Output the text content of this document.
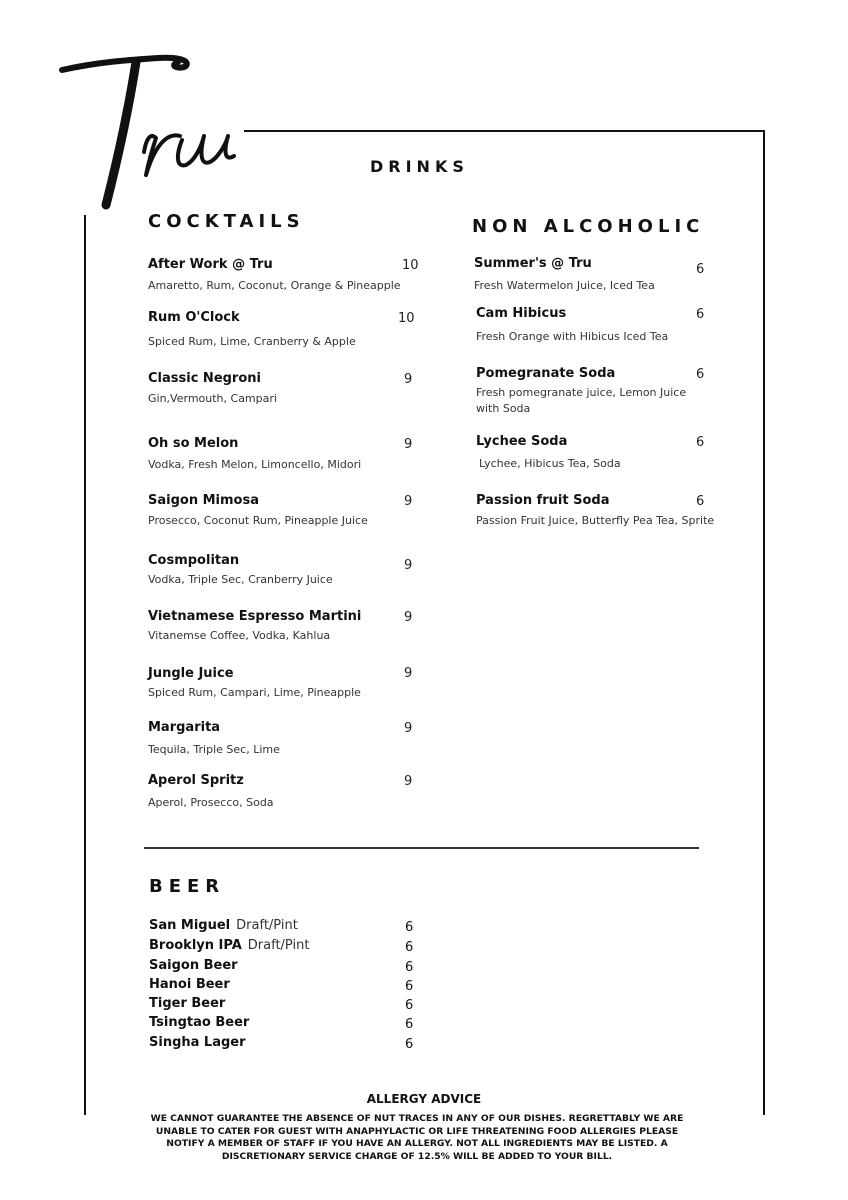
DRINKS
COCKTAILS	NON ALCOHOLIC
After Work @ Tru
Amaretto, Rum, Coconut, Orange & Pineapple
10
Rum O'Clock
Spiced Rum, Lime, Cranberry & Apple
10
Classic Negroni
Gin,Vermouth, Campari
9
Oh so Melon
Vodka, Fresh Melon, Limoncello, Midori
9
Saigon Mimosa
Prosecco, Coconut Rum, Pineapple Juice
9
Cosmpolitan
Vodka, Triple Sec, Cranberry Juice
9
Vietnamese Espresso Martini
Vitanemse Coffee, Vodka, Kahlua
9
Jungle Juice
Spiced Rum, Campari, Lime, Pineapple
9
Margarita
Tequila, Triple Sec, Lime
9
Aperol Spritz
Aperol, Prosecco, Soda
9
Summer's @ Tru
Fresh Watermelon Juice, Iced Tea
6
Cam Hibicus
Fresh Orange with Hibicus Iced Tea
6
Pomegranate Soda
Fresh pomegranate juice, Lemon Juice with Soda
6
Lychee Soda
Lychee, Hibicus Tea, Soda
6
Passion fruit Soda
Passion Fruit Juice, Butterfly Pea Tea, Sprite
6
BEER
San Miguel Draft/Pint	6
Brooklyn IPA Draft/Pint	6
Saigon Beer	6
Hanoi Beer	6
Tiger Beer	6
Tsingtao Beer	6
Singha Lager	6
ALLERGY ADVICE
WE CANNOT GUARANTEE THE ABSENCE OF NUT TRACES IN ANY OF OUR DISHES. REGRETTABLY WE ARE UNABLE TO CATER FOR GUEST WITH ANAPHYLACTIC OR LIFE THREATENING FOOD ALLERGIES PLEASE NOTIFY A MEMBER OF STAFF IF YOU HAVE AN ALLERGY. NOT ALL INGREDIENTS MAY BE LISTED. A DISCRETIONARY SERVICE CHARGE OF 12.5% WILL BE ADDED TO YOUR BILL.
